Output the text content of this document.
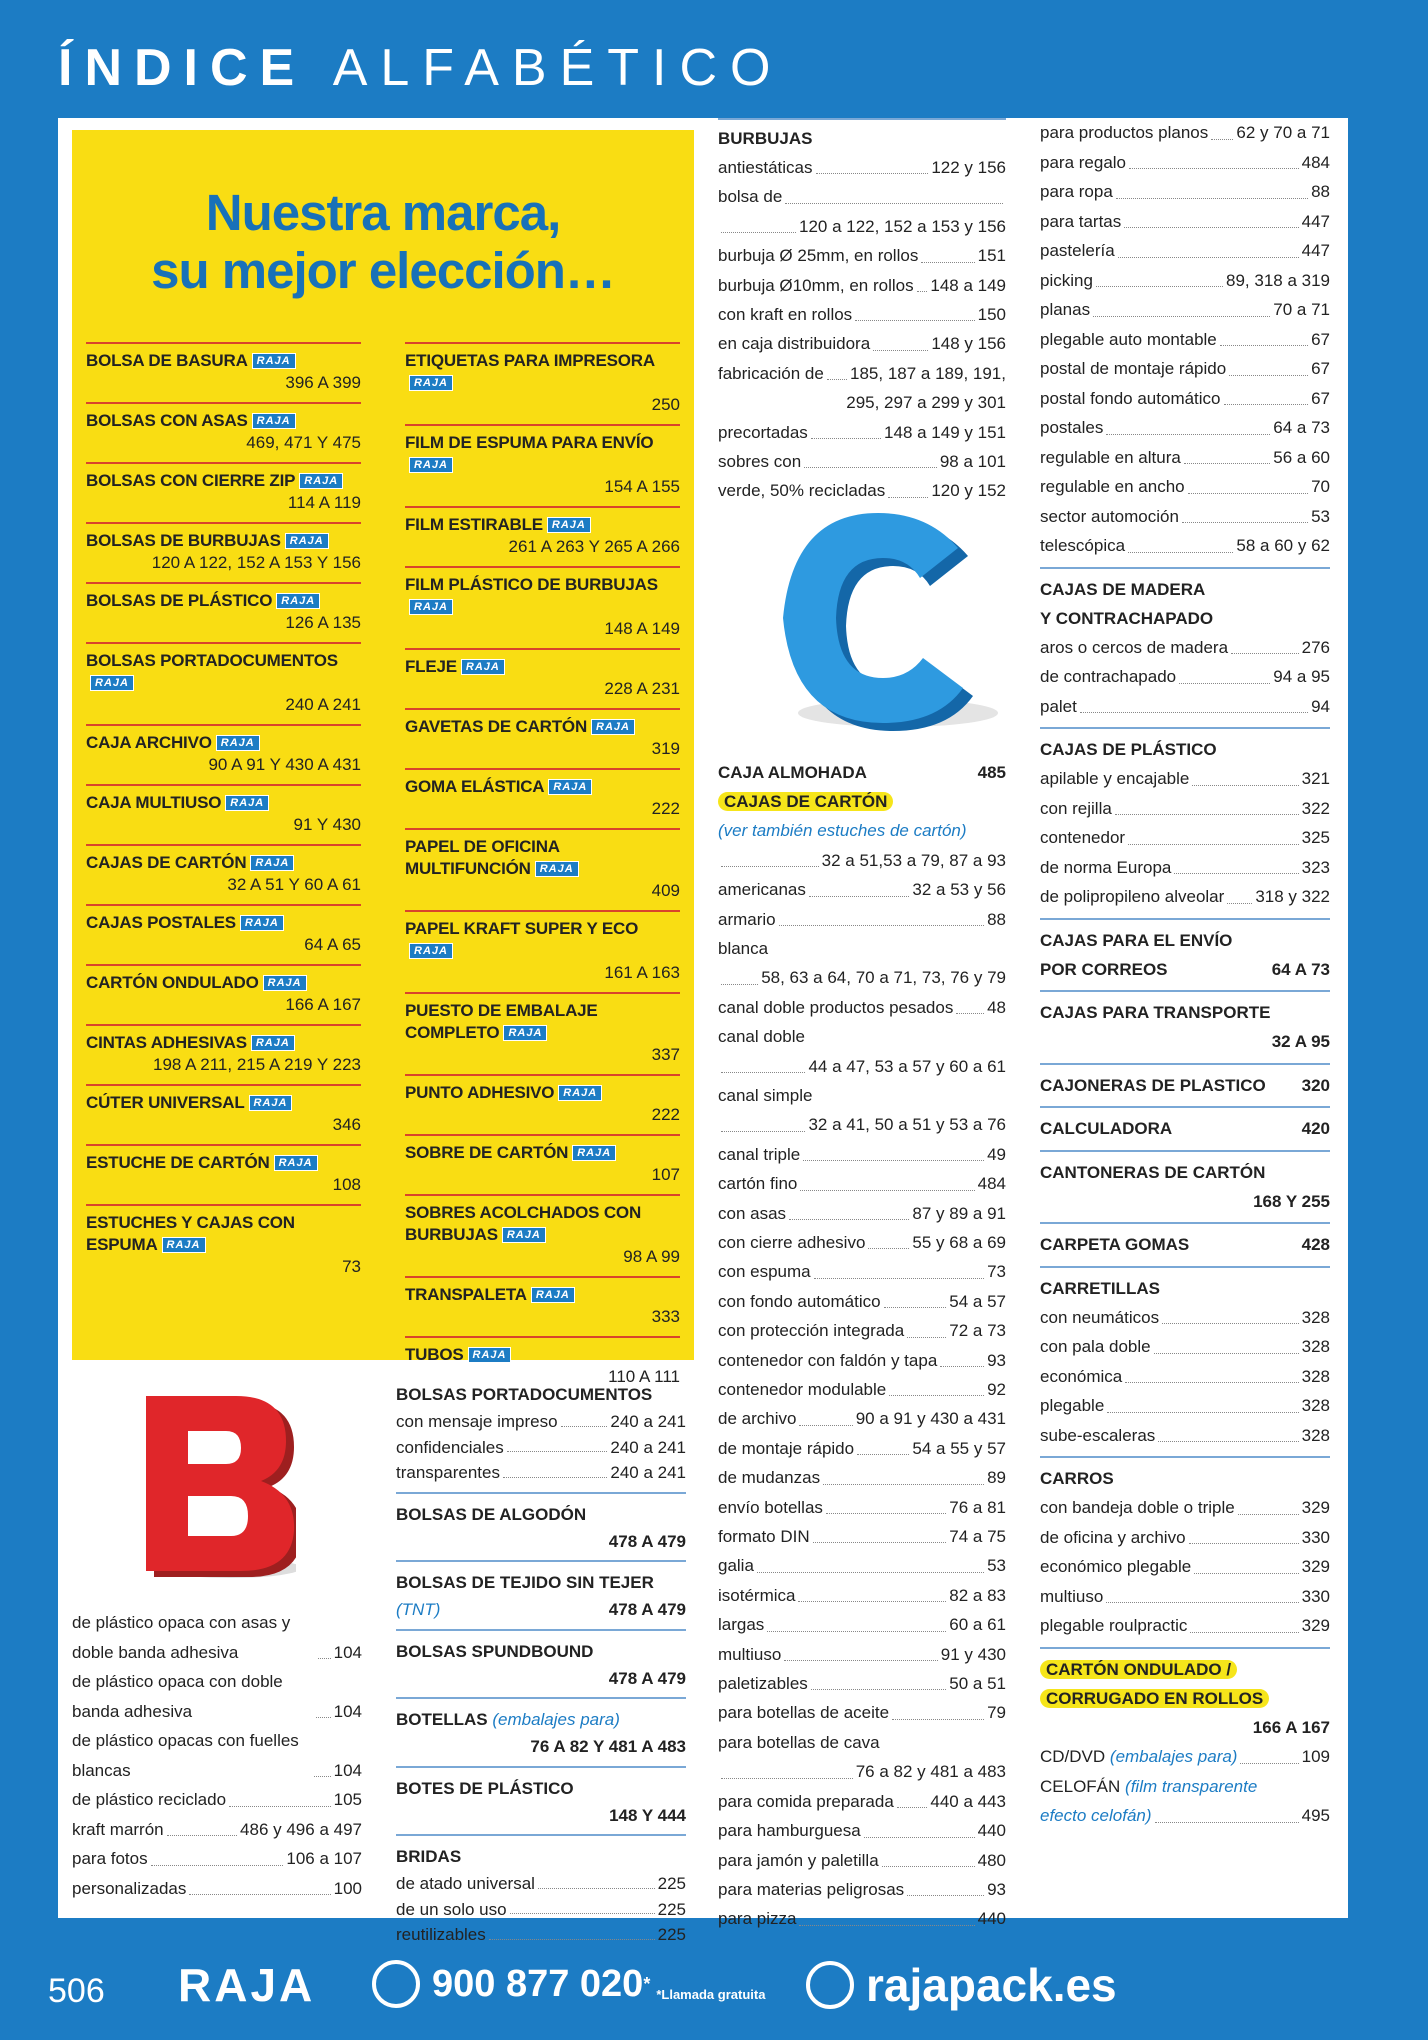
ÍNDICE ALFABÉTICO
Nuestra marca,
su mejor elección…
BOLSA DE BASURA RAJA
396 A 399
BOLSAS CON ASAS RAJA
469, 471 Y 475
BOLSAS CON CIERRE ZIP RAJA
114 A 119
BOLSAS DE BURBUJAS RAJA
120 A 122, 152 A 153 Y 156
BOLSAS DE PLÁSTICO RAJA
126 A 135
BOLSAS PORTADOCUMENTOSRAJA
240 A 241
CAJA ARCHIVO RAJA
90 A 91 Y 430 A 431
CAJA MULTIUSO RAJA
91 Y 430
CAJAS DE CARTÓN RAJA
32 A 51 Y 60 A 61
CAJAS POSTALES RAJA
64 A 65
CARTÓN ONDULADO RAJA
166 A 167
CINTAS ADHESIVAS RAJA
198 A 211, 215 A 219 Y 223
CÚTER UNIVERSAL RAJA
346
ESTUCHE DE CARTÓN RAJA
108
ESTUCHES Y CAJAS CON ESPUMA RAJA
73
ETIQUETAS PARA IMPRESORARAJA
250
FILM DE ESPUMA PARA ENVÍORAJA
154 A 155
FILM ESTIRABLE RAJA
261 A 263 Y 265 A 266
FILM PLÁSTICO DE BURBUJASRAJA
148 A 149
FLEJE RAJA
228 A 231
GAVETAS DE CARTÓN RAJA
319
GOMA ELÁSTICA RAJA
222
PAPEL DE OFICINA MULTIFUNCIÓN RAJA
409
PAPEL KRAFT SUPER Y ECORAJA
161 A 163
PUESTO DE EMBALAJE COMPLETO RAJA
337
PUNTO ADHESIVO RAJA
222
SOBRE DE CARTÓN RAJA
107
SOBRES ACOLCHADOS CON BURBUJAS RAJA
98 A 99
TRANSPALETA RAJA
333
TUBOS RAJA
110 A 111
de plástico opaca con asas y doble banda adhesiva	104
de plástico opaca con doble banda adhesiva	104
de plástico opacas con fuelles blancas	104
de plástico reciclado	105
kraft marrón	486 y 496 a 497
para fotos	106 a 107
personalizadas	100
BOLSAS PORTADOCUMENTOS
con mensaje impreso	240 a 241
confidenciales	240 a 241
transparentes	240 a 241
BOLSAS DE ALGODÓN
478 A 479
BOLSAS DE TEJIDO SIN TEJER
(TNT)	478 A 479
BOLSAS SPUNDBOUND
478 A 479
BOTELLAS (embalajes para)
76 A 82 Y 481 A 483
BOTES DE PLÁSTICO
148 Y 444
BRIDAS
de atado universal	225
de un solo uso	225
reutilizables	225
BURBUJAS
antiestáticas	122 y 156
bolsa de
120 a 122, 152 a 153 y 156
burbuja Ø 25mm, en rollos	151
burbuja Ø10mm, en rollos 148 a 149
con kraft en rollos	150
en caja distribuidora	148 y 156
fabricación de 185, 187 a 189, 191,
295, 297 a 299 y 301
precortadas	148 a 149 y 151
sobres con	98 a 101
verde, 50% recicladas	120 y 152
CAJA ALMOHADA	485
CAJAS DE CARTÓN
(ver también estuches de cartón)
32 a 51,53 a 79, 87 a 93
americanas	32 a 53 y 56
armario	88
blanca
58, 63 a 64, 70 a 71, 73, 76 y 79
canal doble productos pesados 48
canal doble
44 a 47, 53 a 57 y 60 a 61
canal simple
32 a 41, 50 a 51 y 53 a 76
canal triple	49
cartón fino	484
con asas	87 y 89 a 91
con cierre adhesivo	55 y 68 a 69
con espuma	73
con fondo automático	54 a 57
con protección integrada	72 a 73
contenedor con faldón y tapa	93
contenedor modulable	92
de archivo	90 a 91 y 430 a 431
de montaje rápido	54 a 55 y 57
de mudanzas	89
envío botellas	76 a 81
formato DIN	74 a 75
galia	53
isotérmica	82 a 83
largas	60 a 61
multiuso	91 y 430
paletizables	50 a 51
para botellas de aceite	79
para botellas de cava
76 a 82 y 481 a 483
para comida preparada 440 a 443
para hamburguesa	440
para jamón y paletilla	480
para materias peligrosas	93
para pizza	440
para productos planos 62 y 70 a 71
para regalo	484
para ropa	88
para tartas	447
pastelería	447
picking	89, 318 a 319
planas	70 a 71
plegable auto montable	67
postal de montaje rápido	67
postal fondo automático	67
postales	64 a 73
regulable en altura	56 a 60
regulable en ancho	70
sector automoción	53
telescópica	58 a 60 y 62
CAJAS DE MADERA
Y CONTRACHAPADO
aros o cercos de madera	276
de contrachapado	94 a 95
palet	94
CAJAS DE PLÁSTICO
apilable y encajable	321
con rejilla	322
contenedor	325
de norma Europa	323
de polipropileno alveolar 318 y 322
CAJAS PARA EL ENVÍO
POR CORREOS	64 A 73
CAJAS PARA TRANSPORTE
32 A 95
CAJONERAS DE PLASTICO 320
CALCULADORA	420
CANTONERAS DE CARTÓN
168 Y 255
CARPETA GOMAS	428
CARRETILLAS
con neumáticos	328
con pala doble	328
económica	328
plegable	328
sube-escaleras	328
CARROS
con bandeja doble o triple	329
de oficina y archivo	330
económico plegable	329
multiuso	330
plegable roulpractic	329
CARTÓN ONDULADO /
CORRUGADO EN ROLLOS
166 A 167
CD/DVD (embalajes para)	109
CELOFÁN (film transparente
efecto celofán)	495
506 RAJA	900 877 020 *
*Llamada gratuita rajapack.es
